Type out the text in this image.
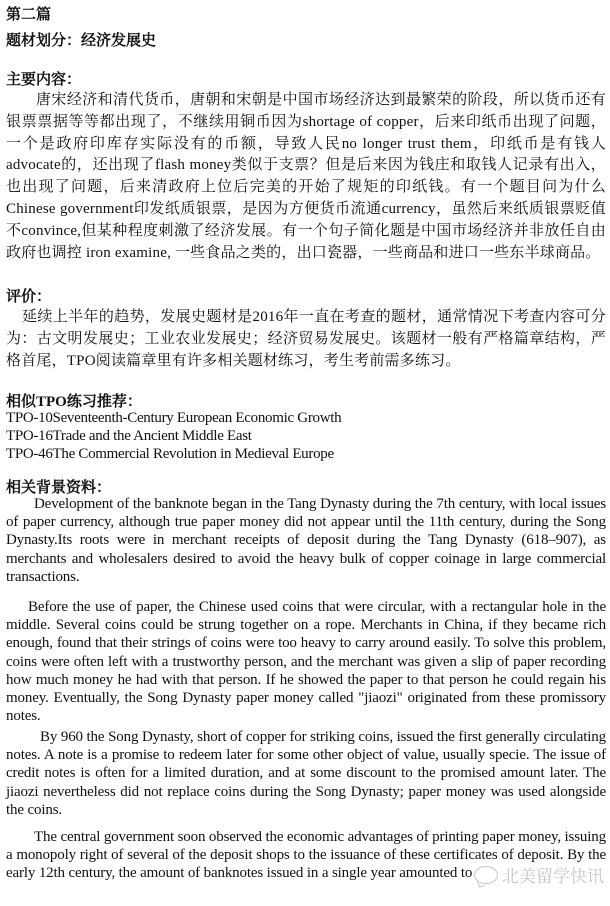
第二篇
题材划分：经济发展史
主要内容：

唐宋经济和清代货币，唐朝和宋朝是中国市场经济达到最繁荣的阶段，所以货币还有银票票据等等都出现了，不继续用铜币因为shortage of copper，后来印纸币出现了问题，一个是政府印库存实际没有的币额，导致人民no longer trust them，印纸币是有钱人advocate的，还出现了flash money类似于支票？但是后来因为钱庄和取钱人记录有出入，也出现了问题，后来清政府上位后完美的开始了规矩的印纸钱。有一个题目问为什么Chinese government印发纸质银票，是因为方便货币流通currency，虽然后来纸质银票贬值不convince,但某种程度刺激了经济发展。有一个句子简化题是中国市场经济并非放任自由政府也调控 iron examine, 一些食品之类的，出口瓷器，一些商品和进口一些东半球商品。

评价：

延续上半年的趋势，发展史题材是2016年一直在考查的题材，通常情况下考查内容可分为：古文明发展史；工业农业发展史；经济贸易发展史。该题材一般有严格篇章结构，严格首尾，TPO阅读篇章里有许多相关题材练习，考生考前需多练习。

相似TPO练习推荐：
TPO-10Seventeenth-Century European Economic Growth
TPO-16Trade and the Ancient Middle East
TPO-46The Commercial Revolution in Medieval Europe
相关背景资料：

Development of the banknote began in the Tang Dynasty during the 7th century, with local issues of paper currency, although true paper money did not appear until the 11th century, during the Song Dynasty.Its roots were in merchant receipts of deposit during the Tang Dynasty (618–907), as merchants and wholesalers desired to avoid the heavy bulk of copper coinage in large commercial transactions.

Before the use of paper, the Chinese used coins that were circular, with a rectangular hole in the middle. Several coins could be strung together on a rope. Merchants in China, if they became rich enough, found that their strings of coins were too heavy to carry around easily. To solve this problem, coins were often left with a trustworthy person, and the merchant was given a slip of paper recording how much money he had with that person. If he showed the paper to that person he could regain his money. Eventually, the Song Dynasty paper money called "jiaozi" originated from these promissory notes.

By 960 the Song Dynasty, short of copper for striking coins, issued the first generally circulating notes. A note is a promise to redeem later for some other object of value, usually specie. The issue of credit notes is often for a limited duration, and at some discount to the promised amount later. The jiaozi nevertheless did not replace coins during the Song Dynasty; paper money was used alongside the coins.

The central government soon observed the economic advantages of printing paper money, issuing a monopoly right of several of the deposit shops to the issuance of these certificates of deposit. By the early 12th century, the amount of banknotes issued in a single year amounted to	北美留学快讯
